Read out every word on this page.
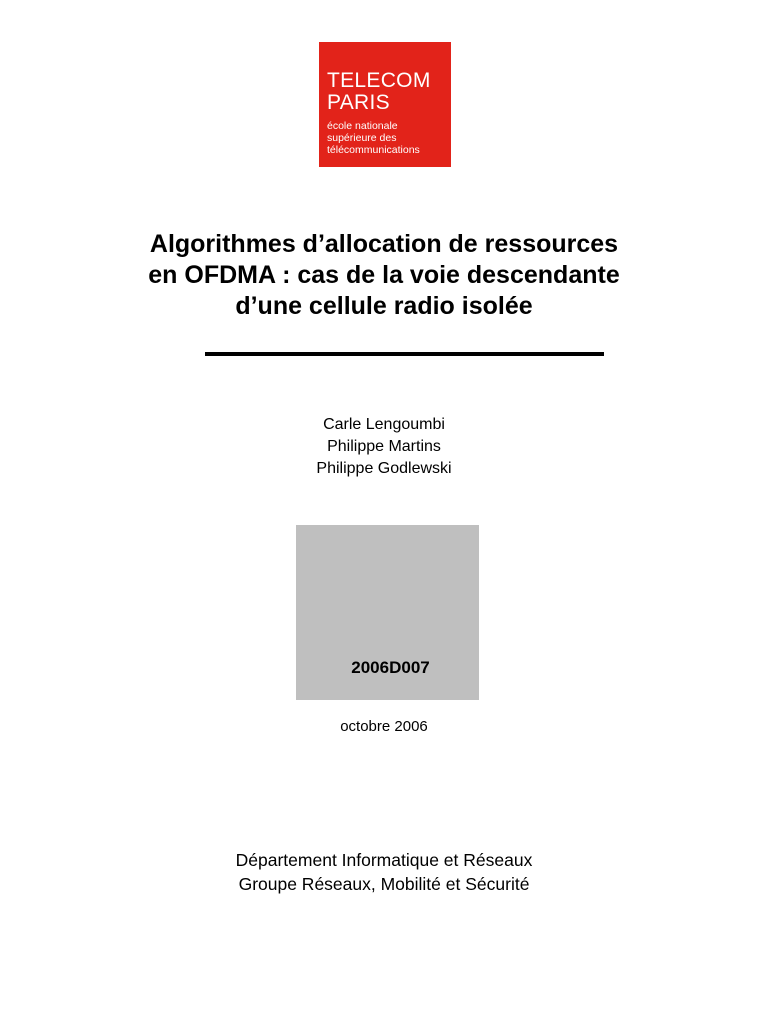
TELECOM
PARIS
école nationale
supérieure des
télécommunications
Algorithmes d’allocation de ressources
en OFDMA : cas de la voie descendante
d’une cellule radio isolée
Carle Lengoumbi
Philippe Martins
Philippe Godlewski
2006D007
octobre 2006
Département Informatique et Réseaux
Groupe Réseaux, Mobilité et Sécurité
